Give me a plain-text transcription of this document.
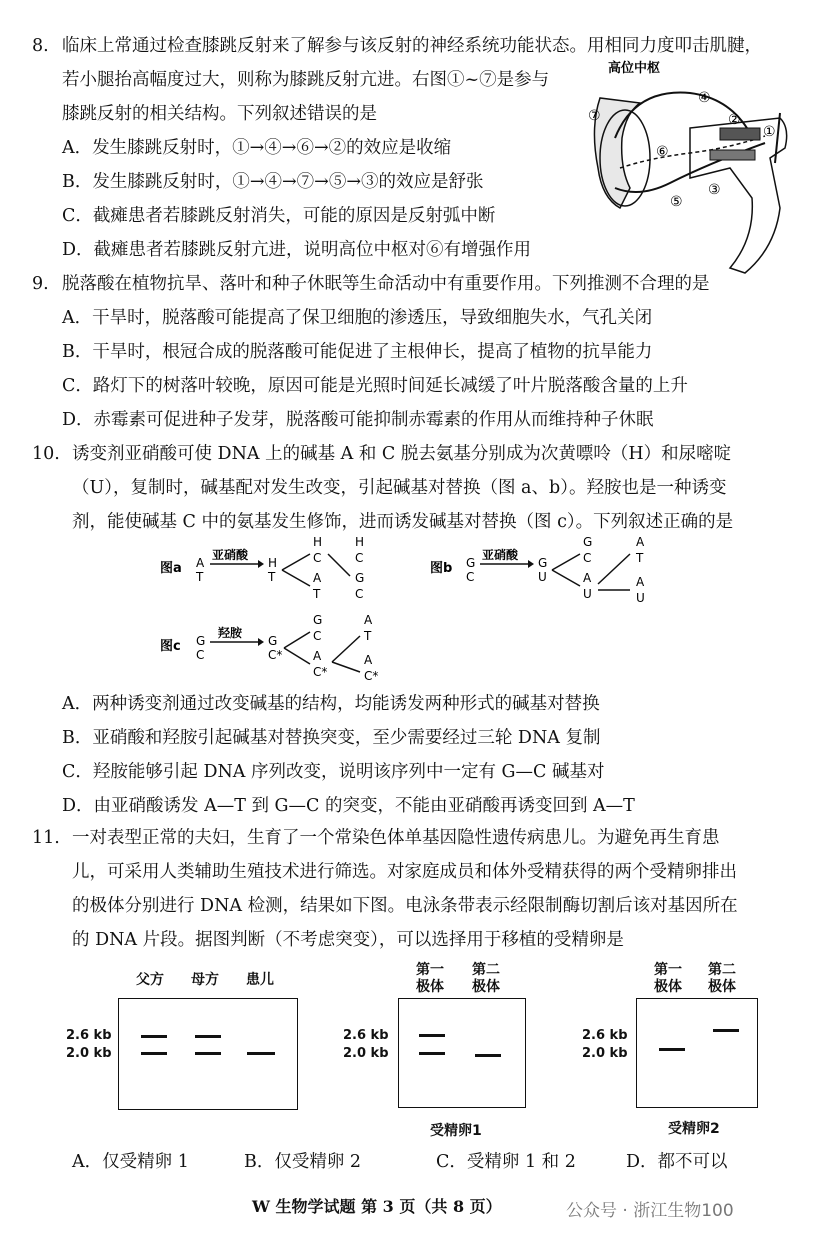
8. 临床上常通过检查膝跳反射来了解参与该反射的神经系统功能状态。用相同力度叩击肌腱，
若小腿抬高幅度过大，则称为膝跳反射亢进。右图①~⑦是参与
膝跳反射的相关结构。下列叙述错误的是
A．发生膝跳反射时，①→④→⑥→②的效应是收缩
B．发生膝跳反射时，①→④→⑦→⑤→③的效应是舒张
C．截瘫患者若膝跳反射消失，可能的原因是反射弧中断
D．截瘫患者若膝跳反射亢进，说明高位中枢对⑥有增强作用
高位中枢
①
②
③
④
⑤
⑥
⑦
9. 脱落酸在植物抗旱、落叶和种子休眠等生命活动中有重要作用。下列推测不合理的是
A．干旱时，脱落酸可能提高了保卫细胞的渗透压，导致细胞失水，气孔关闭
B．干旱时，根冠合成的脱落酸可能促进了主根伸长，提高了植物的抗旱能力
C．路灯下的树落叶较晚，原因可能是光照时间延长减缓了叶片脱落酸含量的上升
D．赤霉素可促进种子发芽，脱落酸可能抑制赤霉素的作用从而维持种子休眠
10. 诱变剂亚硝酸可使 DNA 上的碱基 A 和 C 脱去氨基分别成为次黄嘌呤（H）和尿嘧啶
（U），复制时，碱基配对发生改变，引起碱基对替换（图 a、b）。羟胺也是一种诱变
剂，能使碱基 C 中的氨基发生修饰，进而诱发碱基对替换（图 c）。下列叙述正确的是
图a A
T
亚硝酸
H
T
H
C
A
T
H
C
G
C
图b G
C
亚硝酸
G
U
G
C
A
U
A
T
A
U
图c G
C
羟胺
G
C*
G
C
A
C*
A
T
A
C*
A．两种诱变剂通过改变碱基的结构，均能诱发两种形式的碱基对替换
B．亚硝酸和羟胺引起碱基对替换突变，至少需要经过三轮 DNA 复制
C．羟胺能够引起 DNA 序列改变，说明该序列中一定有 G—C 碱基对
D．由亚硝酸诱发 A—T 到 G—C 的突变，不能由亚硝酸再诱变回到 A—T
11. 一对表型正常的夫妇，生育了一个常染色体单基因隐性遗传病患儿。为避免再生育患
儿，可采用人类辅助生殖技术进行筛选。对家庭成员和体外受精获得的两个受精卵排出
的极体分别进行 DNA 检测，结果如下图。电泳条带表示经限制酶切割后该对基因所在
的 DNA 片段。据图判断（不考虑突变），可以选择用于移植的受精卵是
父方	母方	患儿
2.6 kb
2.0 kb
第一
极体
第二
极体
2.6 kb
2.0 kb
受精卵1
第一
极体
第二
极体
2.6 kb
2.0 kb
受精卵2
A．仅受精卵 1	B．仅受精卵 2	C．受精卵 1 和 2	D．都不可以
W 生物学试题 第 3 页（共 8 页）	公众号 · 浙江生物100
